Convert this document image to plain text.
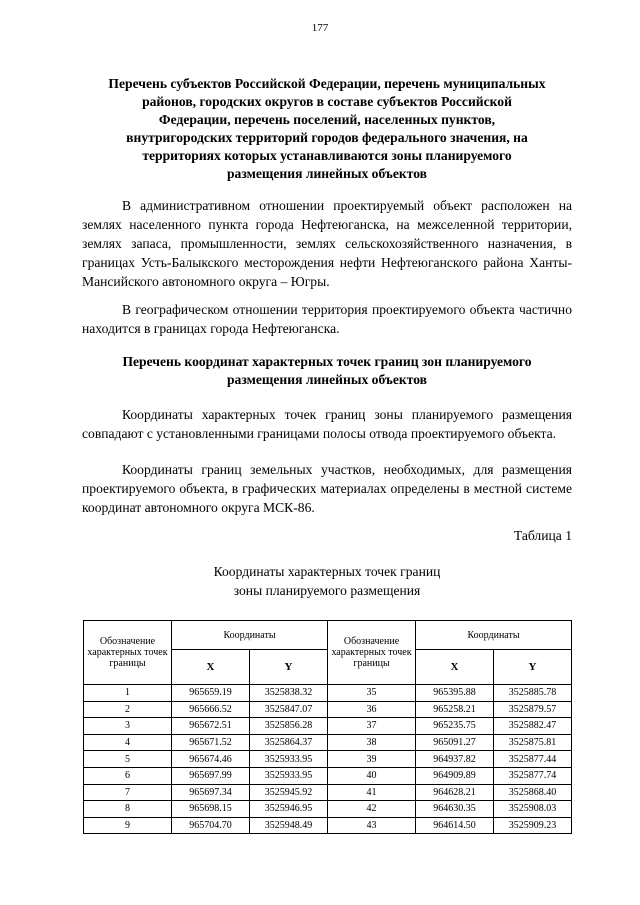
177
Перечень субъектов Российской Федерации, перечень муниципальных
районов, городских округов в составе субъектов Российской
Федерации, перечень поселений, населенных пунктов,
внутригородских территорий городов федерального значения, на
территориях которых устанавливаются зоны планируемого
размещения линейных объектов

В административном отношении проектируемый объект расположен на землях населенного пункта города Нефтеюганска, на межселенной территории, землях запаса, промышленности, землях сельскохозяйственного назначения, в границах Усть-Балыкского месторождения нефти Нефтеюганского района Ханты-Мансийского автономного округа – Югры.

В географическом отношении территория проектируемого объекта частично находится в границах города Нефтеюганска.

Перечень координат характерных точек границ зон планируемого
размещения линейных объектов

Координаты характерных точек границ зоны планируемого размещения совпадают с установленными границами полосы отвода проектируемого объекта.

Координаты границ земельных участков, необходимых, для размещения проектируемого объекта, в графических материалах определены в местной системе координат автономного округа МСК-86.

Таблица 1
Координаты характерных точек границ
зоны планируемого размещения
Обозначение характерных точек границы	Координаты		Обозначение характерных точек границы	Координаты	
	X	Y		X	Y
1	965659.19	3525838.32	35	965395.88	3525885.78
2	965666.52	3525847.07	36	965258.21	3525879.57
3	965672.51	3525856.28	37	965235.75	3525882.47
4	965671.52	3525864.37	38	965091.27	3525875.81
5	965674.46	3525933.95	39	964937.82	3525877.44
6	965697.99	3525933.95	40	964909.89	3525877.74
7	965697.34	3525945.92	41	964628.21	3525868.40
8	965698.15	3525946.95	42	964630.35	3525908.03
9	965704.70	3525948.49	43	964614.50	3525909.23
